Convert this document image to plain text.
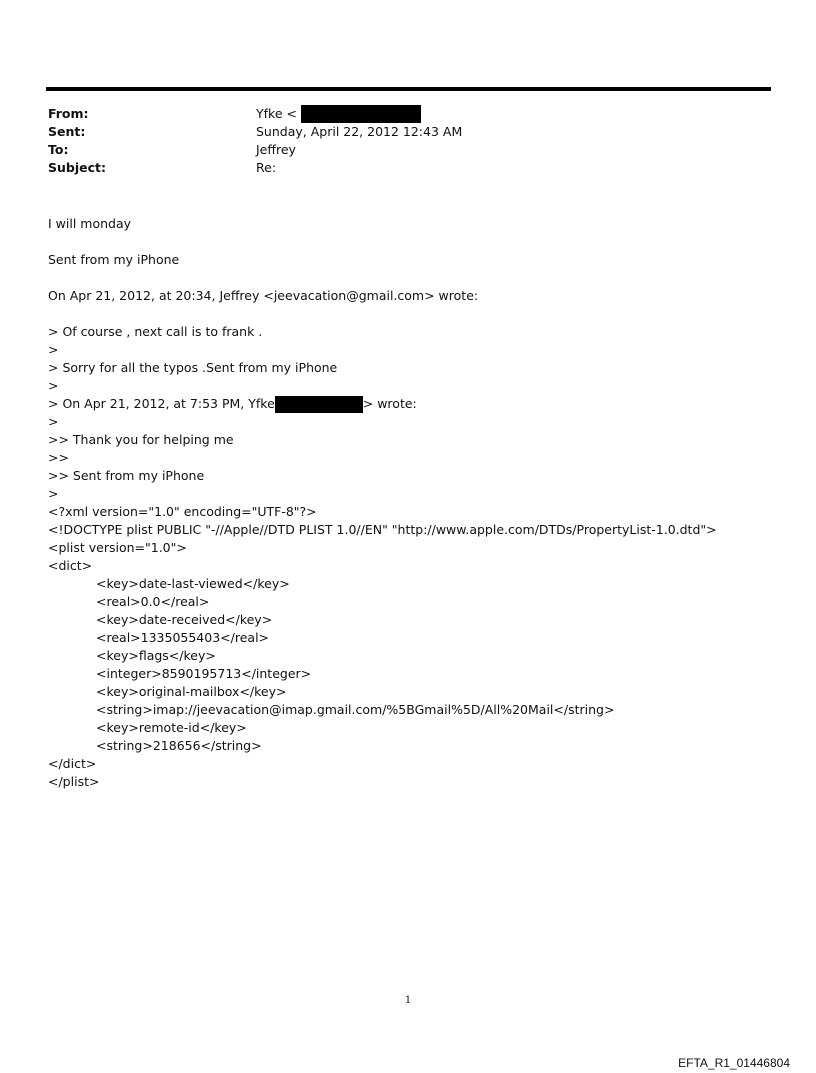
From:	Yfke <
Sent:	Sunday, April 22, 2012 12:43 AM
To:	Jeffrey
Subject:	Re:
I will monday
Sent from my iPhone
On Apr 21, 2012, at 20:34, Jeffrey <jeevacation@gmail.com> wrote:
> Of course , next call is to frank .
>
> Sorry for all the typos .Sent from my iPhone
>
> On Apr 21, 2012, at 7:53 PM, Yfke	> wrote:
>
>> Thank you for helping me
>>
>> Sent from my iPhone
>
<?xml version="1.0" encoding="UTF-8"?>
<!DOCTYPE plist PUBLIC "-//Apple//DTD PLIST 1.0//EN" "http://www.apple.com/DTDs/PropertyList-1.0.dtd">
<plist version="1.0">
<dict>
<key>date-last-viewed</key>
<real>0.0</real>
<key>date-received</key>
<real>1335055403</real>
<key>flags</key>
<integer>8590195713</integer>
<key>original-mailbox</key>
<string>imap://jeevacation@imap.gmail.com/%5BGmail%5D/All%20Mail</string>
<key>remote-id</key>
<string>218656</string>
</dict>
</plist>
1
EFTA_R1_01446804
